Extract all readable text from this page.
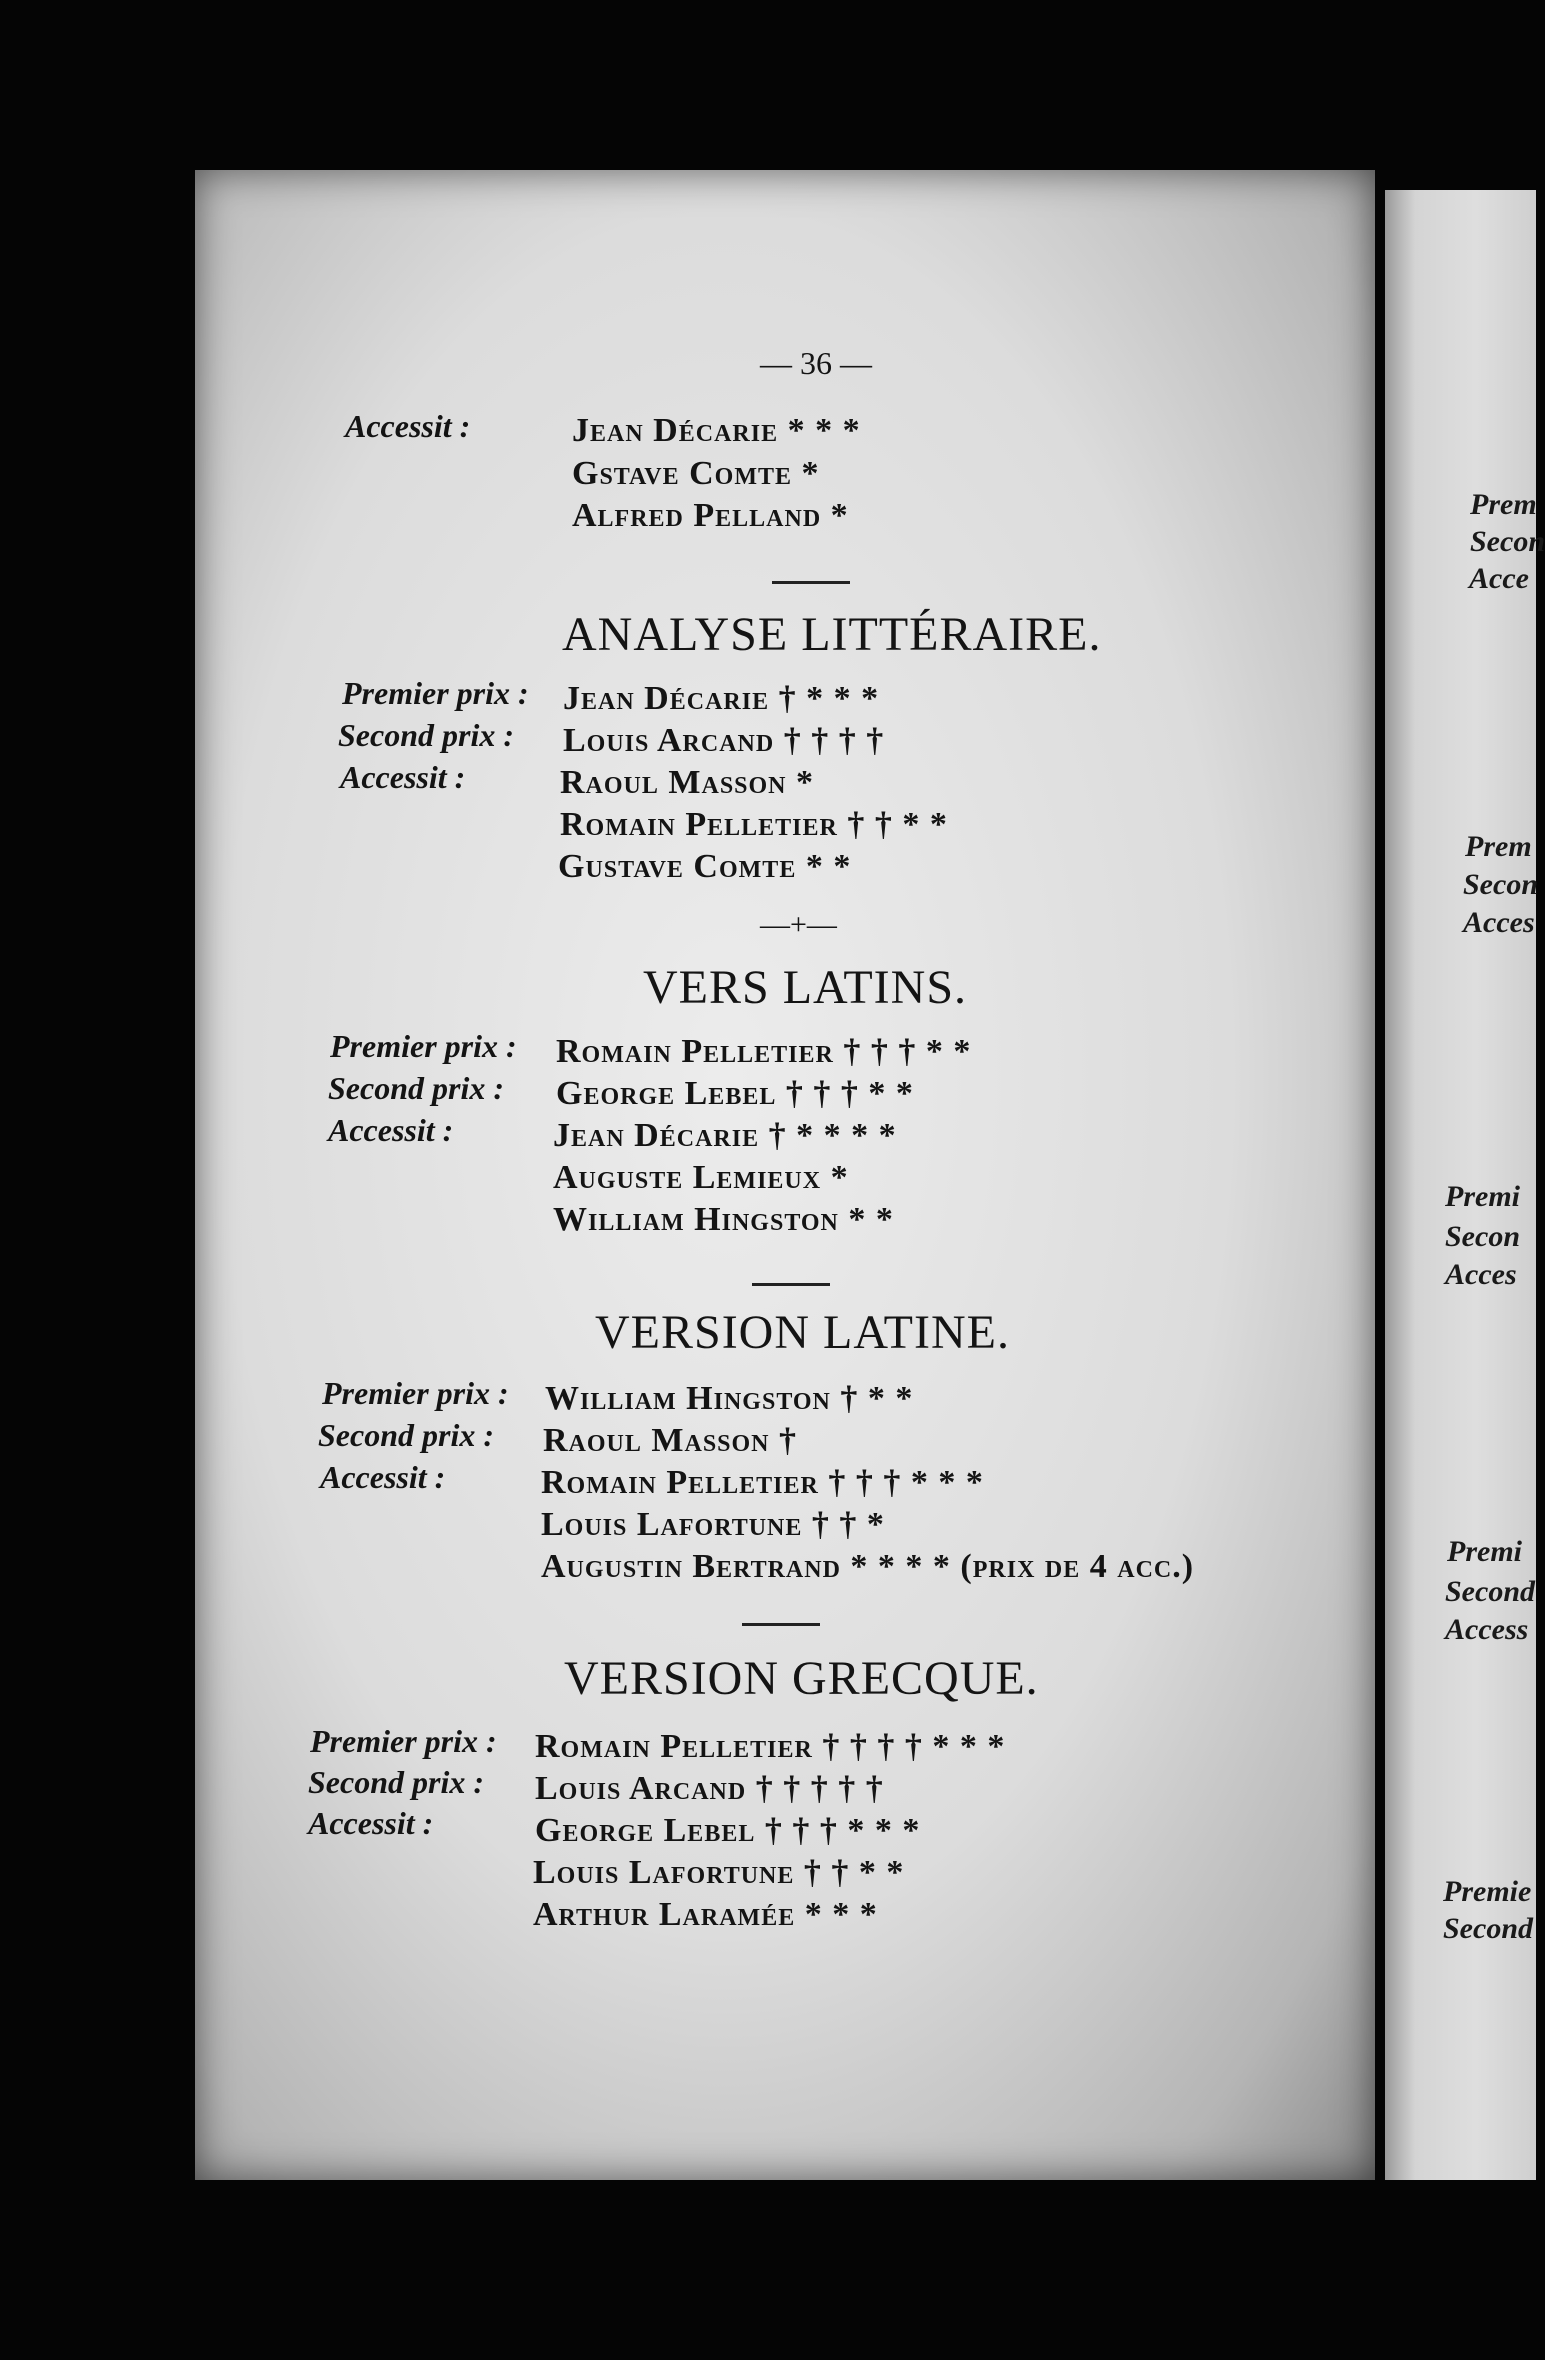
Prem
Secon
Acce
Prem
Secon
Acces
Premi
Secon
Acces
Premi
Second
Access
Premie
Second
— 36 —
Accessit :	Jean Décarie * * *
Gstave Comte *
Alfred Pelland *
ANALYSE LITTÉRAIRE.
Premier prix :
Second prix :
Accessit :
Jean Décarie † * * *
Louis Arcand † † † †
Raoul Masson *
Romain Pelletier † † * *
Gustave Comte * *
—+—
VERS LATINS.
Premier prix :
Second prix :
Accessit :
Romain Pelletier † † † * *
George Lebel † † † * *
Jean Décarie † * * * *
Auguste Lemieux *
William Hingston * *
VERSION LATINE.
Premier prix :
Second prix :
Accessit :
William Hingston † * *
Raoul Masson †
Romain Pelletier † † † * * *
Louis Lafortune † † *
Augustin Bertrand * * * * (prix de 4 acc.)
VERSION GRECQUE.
Premier prix :
Second prix :
Accessit :
Romain Pelletier † † † † * * *
Louis Arcand † † † † †
George Lebel † † † * * *
Louis Lafortune † † * *
Arthur Laramée * * *
